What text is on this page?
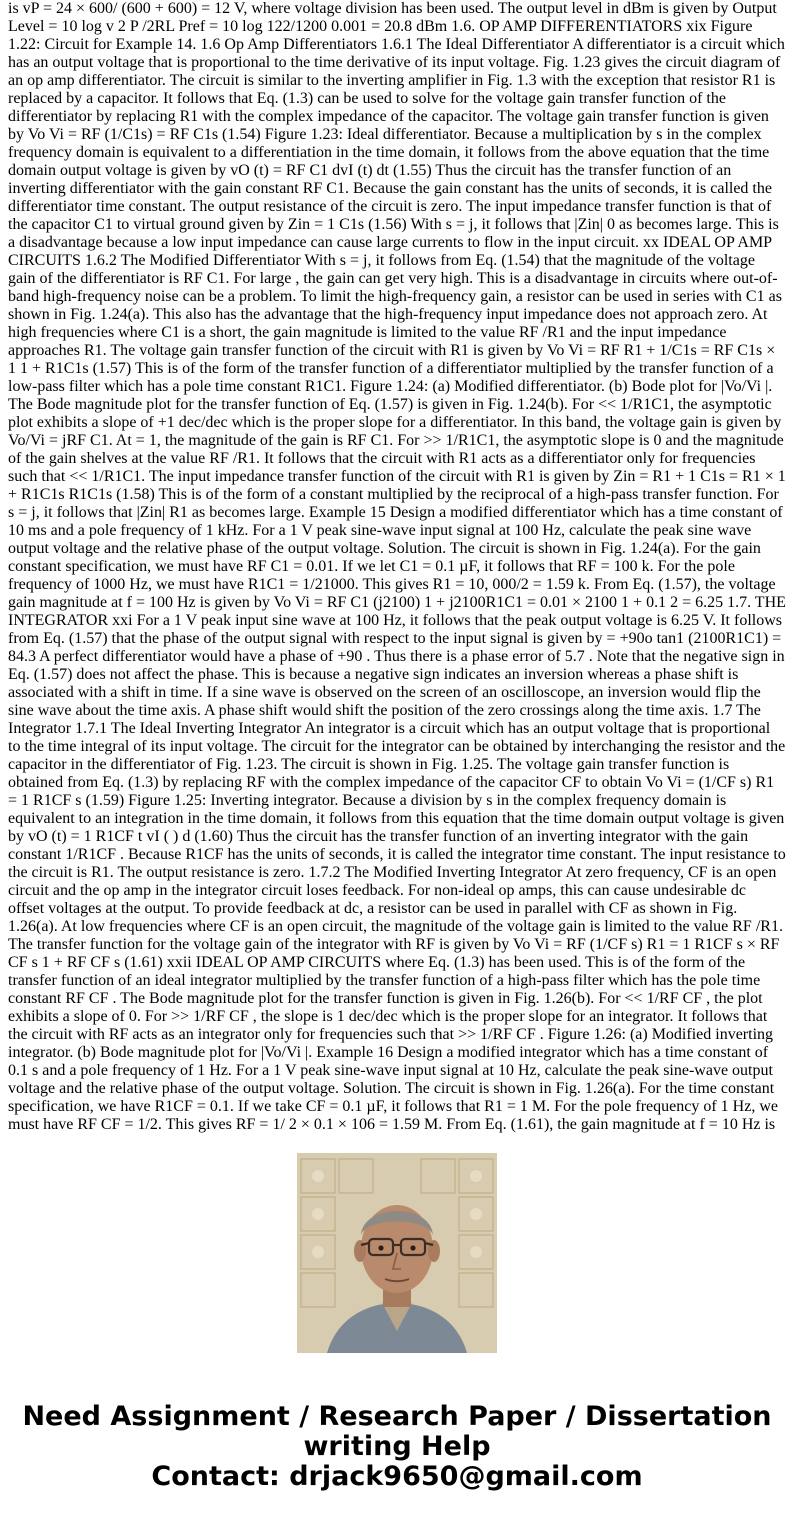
is vP = 24 × 600/ (600 + 600) = 12 V, where voltage division has been used. The output level in dBm is given by Output Level = 10 log v 2 P /2RL Pref = 10 log 122/1200 0.001 = 20.8 dBm 1.6. OP AMP DIFFERENTIATORS xix Figure 1.22: Circuit for Example 14. 1.6 Op Amp Differentiators 1.6.1 The Ideal Differentiator A differentiator is a circuit which has an output voltage that is proportional to the time derivative of its input voltage. Fig. 1.23 gives the circuit diagram of an op amp differentiator. The circuit is similar to the inverting amplifier in Fig. 1.3 with the exception that resistor R1 is replaced by a capacitor. It follows that Eq. (1.3) can be used to solve for the voltage gain transfer function of the differentiator by replacing R1 with the complex impedance of the capacitor. The voltage gain transfer function is given by Vo Vi = RF (1/C1s) = RF C1s (1.54) Figure 1.23: Ideal differentiator. Because a multiplication by s in the complex frequency domain is equivalent to a differentiation in the time domain, it follows from the above equation that the time domain output voltage is given by vO (t) = RF C1 dvI (t) dt (1.55) Thus the circuit has the transfer function of an inverting differentiator with the gain constant RF C1. Because the gain constant has the units of seconds, it is called the differentiator time constant. The output resistance of the circuit is zero. The input impedance transfer function is that of the capacitor C1 to virtual ground given by Zin = 1 C1s (1.56) With s = j, it follows that |Zin| 0 as becomes large. This is a disadvantage because a low input impedance can cause large currents to flow in the input circuit. xx IDEAL OP AMP CIRCUITS 1.6.2 The Modified Differentiator With s = j, it follows from Eq. (1.54) that the magnitude of the voltage gain of the differentiator is RF C1. For large , the gain can get very high. This is a disadvantage in circuits where out-of-band high-frequency noise can be a problem. To limit the high-frequency gain, a resistor can be used in series with C1 as shown in Fig. 1.24(a). This also has the advantage that the high-frequency input impedance does not approach zero. At high frequencies where C1 is a short, the gain magnitude is limited to the value RF /R1 and the input impedance approaches R1. The voltage gain transfer function of the circuit with R1 is given by Vo Vi = RF R1 + 1/C1s = RF C1s × 1 1 + R1C1s (1.57) This is of the form of the transfer function of a differentiator multiplied by the transfer function of a low-pass filter which has a pole time constant R1C1. Figure 1.24: (a) Modified differentiator. (b) Bode plot for |Vo/Vi |. The Bode magnitude plot for the transfer function of Eq. (1.57) is given in Fig. 1.24(b). For << 1/R1C1, the asymptotic plot exhibits a slope of +1 dec/dec which is the proper slope for a differentiator. In this band, the voltage gain is given by Vo/Vi = jRF C1. At = 1, the magnitude of the gain is RF C1. For >> 1/R1C1, the asymptotic slope is 0 and the magnitude of the gain shelves at the value RF /R1. It follows that the circuit with R1 acts as a differentiator only for frequencies such that << 1/R1C1. The input impedance transfer function of the circuit with R1 is given by Zin = R1 + 1 C1s = R1 × 1 + R1C1s R1C1s (1.58) This is of the form of a constant multiplied by the reciprocal of a high-pass transfer function. For s = j, it follows that |Zin| R1 as becomes large. Example 15 Design a modified differentiator which has a time constant of 10 ms and a pole frequency of 1 kHz. For a 1 V peak sine-wave input signal at 100 Hz, calculate the peak sine wave output voltage and the relative phase of the output voltage. Solution. The circuit is shown in Fig. 1.24(a). For the gain constant specification, we must have RF C1 = 0.01. If we let C1 = 0.1 µF, it follows that RF = 100 k. For the pole frequency of 1000 Hz, we must have R1C1 = 1/21000. This gives R1 = 10, 000/2 = 1.59 k. From Eq. (1.57), the voltage gain magnitude at f = 100 Hz is given by Vo Vi = RF C1 (j2100) 1 + j2100R1C1 = 0.01 × 2100 1 + 0.1 2 = 6.25 1.7. THE INTEGRATOR xxi For a 1 V peak input sine wave at 100 Hz, it follows that the peak output voltage is 6.25 V. It follows from Eq. (1.57) that the phase of the output signal with respect to the input signal is given by = +90o tan1 (2100R1C1) = 84.3 A perfect differentiator would have a phase of +90 . Thus there is a phase error of 5.7 . Note that the negative sign in Eq. (1.57) does not affect the phase. This is because a negative sign indicates an inversion whereas a phase shift is associated with a shift in time. If a sine wave is observed on the screen of an oscilloscope, an inversion would flip the sine wave about the time axis. A phase shift would shift the position of the zero crossings along the time axis. 1.7 The Integrator 1.7.1 The Ideal Inverting Integrator An integrator is a circuit which has an output voltage that is proportional to the time integral of its input voltage. The circuit for the integrator can be obtained by interchanging the resistor and the capacitor in the differentiator of Fig. 1.23. The circuit is shown in Fig. 1.25. The voltage gain transfer function is obtained from Eq. (1.3) by replacing RF with the complex impedance of the capacitor CF to obtain Vo Vi = (1/CF s) R1 = 1 R1CF s (1.59) Figure 1.25: Inverting integrator. Because a division by s in the complex frequency domain is equivalent to an integration in the time domain, it follows from this equation that the time domain output voltage is given by vO (t) = 1 R1CF t vI ( ) d (1.60) Thus the circuit has the transfer function of an inverting integrator with the gain constant 1/R1CF . Because R1CF has the units of seconds, it is called the integrator time constant. The input resistance to the circuit is R1. The output resistance is zero. 1.7.2 The Modified Inverting Integrator At zero frequency, CF is an open circuit and the op amp in the integrator circuit loses feedback. For non-ideal op amps, this can cause undesirable dc offset voltages at the output. To provide feedback at dc, a resistor can be used in parallel with CF as shown in Fig. 1.26(a). At low frequencies where CF is an open circuit, the magnitude of the voltage gain is limited to the value RF /R1. The transfer function for the voltage gain of the integrator with RF is given by Vo Vi = RF (1/CF s) R1 = 1 R1CF s × RF CF s 1 + RF CF s (1.61) xxii IDEAL OP AMP CIRCUITS where Eq. (1.3) has been used. This is of the form of the transfer function of an ideal integrator multiplied by the transfer function of a high-pass filter which has the pole time constant RF CF . The Bode magnitude plot for the transfer function is given in Fig. 1.26(b). For << 1/RF CF , the plot exhibits a slope of 0. For >> 1/RF CF , the slope is 1 dec/dec which is the proper slope for an integrator. It follows that the circuit with RF acts as an integrator only for frequencies such that >> 1/RF CF . Figure 1.26: (a) Modified inverting integrator. (b) Bode magnitude plot for |Vo/Vi |. Example 16 Design a modified integrator which has a time constant of 0.1 s and a pole frequency of 1 Hz. For a 1 V peak sine-wave input signal at 10 Hz, calculate the peak sine-wave output voltage and the relative phase of the output voltage. Solution. The circuit is shown in Fig. 1.26(a). For the time constant specification, we have R1CF = 0.1. If we take CF = 0.1 µF, it follows that R1 = 1 M. For the pole frequency of 1 Hz, we must have RF CF = 1/2. This gives RF = 1/ 2 × 0.1 × 106 = 1.59 M. From Eq. (1.61), the gain magnitude at f = 10 Hz is

Need Assignment / Research Paper / Dissertation
writing Help
Contact: drjack9650@gmail.com
